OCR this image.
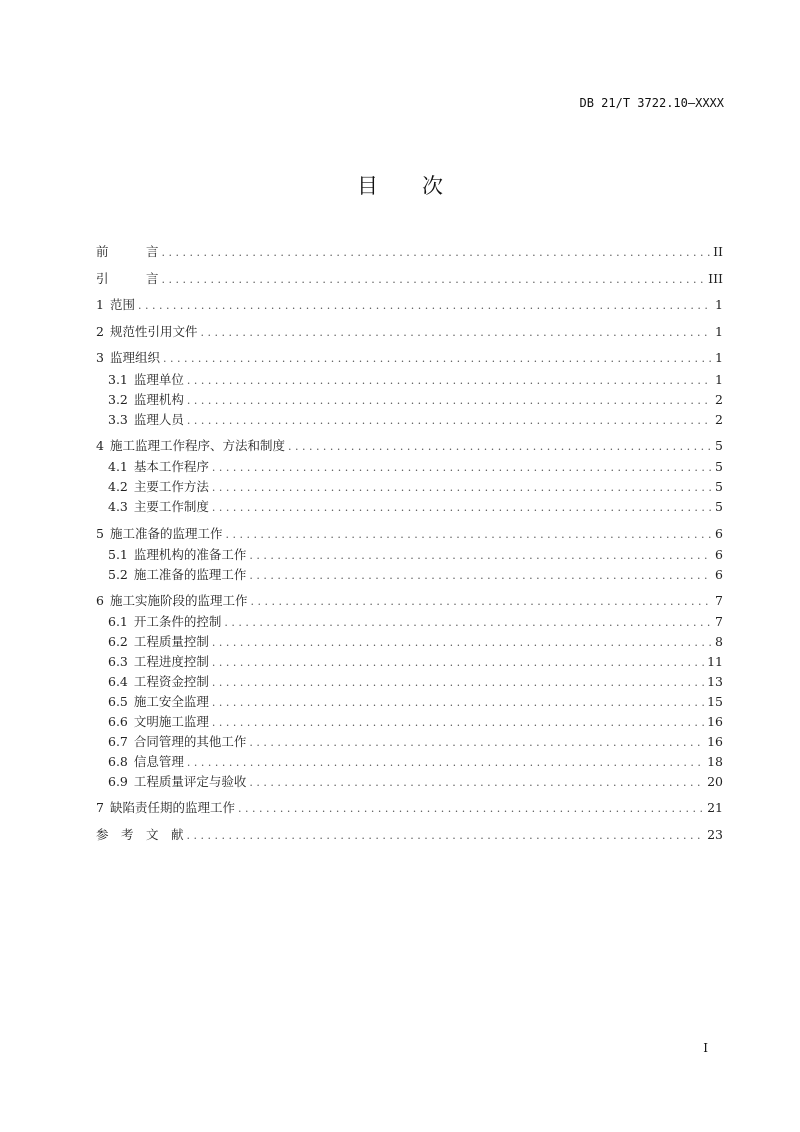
DB 21/T 3722.10—XXXX
目 次
前　　　言 . . .	II
引　　　言 . . .	III
1 范围 . . .	1
2 规范性引用文件 . . .	1
3 监理组织 . . .	1
3.1 监理单位 . . .	1
3.2 监理机构 . . .	2
3.3 监理人员 . . .	2
4 施工监理工作程序、方法和制度 . . .	5
4.1 基本工作程序 . . .	5
4.2 主要工作方法 . . .	5
4.3 主要工作制度 . . .	5
5 施工准备的监理工作 . . .	6
5.1 监理机构的准备工作 . . .	6
5.2 施工准备的监理工作 . . .	6
6 施工实施阶段的监理工作 . . .	7
6.1 开工条件的控制 . . .	7
6.2 工程质量控制 . . .	8
6.3 工程进度控制 . . .	11
6.4 工程资金控制 . . .	13
6.5 施工安全监理 . . .	15
6.6 文明施工监理 . . .	16
6.7 合同管理的其他工作 . . .	16
6.8 信息管理 . . .	18
6.9 工程质量评定与验收 . . .	20
7 缺陷责任期的监理工作 . . .	21
参　考　文　献 . . .	23
I
